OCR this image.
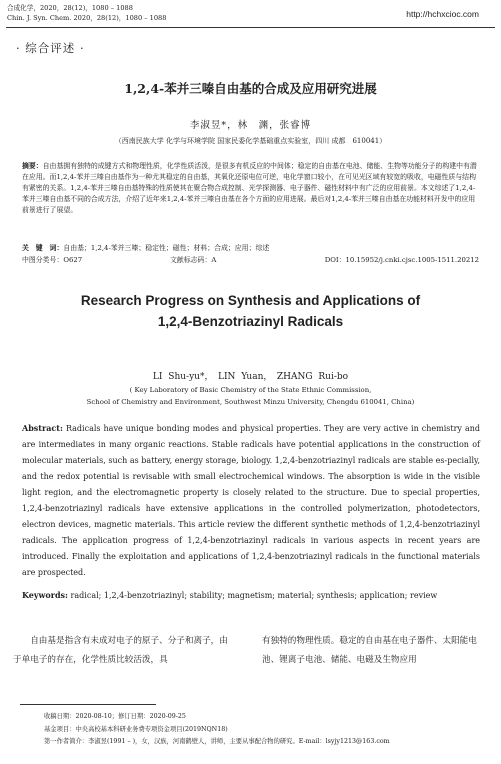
合成化学，2020，28(12)，1080 – 1088
Chin. J. Syn. Chem. 2020，28(12)，1080 – 1088	http://hchxcioc.com
· 综合评述 ·
1,2,4-苯并三嗪自由基的合成及应用研究进展
李淑昱*，林　渊，张睿博
（西南民族大学 化学与环境学院 国家民委化学基础重点实验室，四川 成都　610041）
摘要：自由基拥有独特的成键方式和物理性质，化学性质活泼，是很多有机反应的中间体；稳定的自由基在电池、储能、生物等功能分子的构建中有潜在应用。而1,2,4-苯并三嗪自由基作为一种尤其稳定的自由基，其氧化还原电位可逆，电化学窗口较小，在可见光区域有较宽的吸收，电磁性质与结构有紧密的关系。1,2,4-苯并三嗪自由基特殊的性质使其在聚合物合成控制、光学探测器、电子器件、磁性材料中有广泛的应用前景。本文综述了1,2,4-苯并三嗪自由基不同的合成方法，介绍了近年来1,2,4-苯并三嗪自由基在各个方面的应用进展。最后对1,2,4-苯并三嗪自由基在功能材料开发中的应用前景进行了展望。
关　键　词：自由基；1,2,4-苯并三嗪；稳定性；磁性；材料；合成；应用；综述
中图分类号：O627	文献标志码：A	DOI：10.15952/j.cnki.cjsc.1005-1511.20212
Research Progress on Synthesis and Applications of
1,2,4-Benzotriazinyl Radicals
LI Shu-yu*，　LIN Yuan，　ZHANG Rui-bo
( Key Laboratory of Basic Chemistry of the State Ethnic Commission,
School of Chemistry and Environment, Southwest Minzu University, Chengdu 610041, China)
Abstract: Radicals have unique bonding modes and physical properties. They are very active in chemistry and are intermediates in many organic reactions. Stable radicals have potential applications in the construction of molecular materials, such as battery, energy storage, biology. 1,2,4-benzotriazinyl radicals are stable es-pecially, and the redox potential is revisable with small electrochemical windows. The absorption is wide in the visible light region, and the electromagnetic property is closely related to the structure. Due to special properties, 1,2,4-benzotriazinyl radicals have extensive applications in the controlled polymerization, photodetectors, electron devices, magnetic materials. This article review the different synthetic methods of 1,2,4-benzotriazinyl radicals. The application progress of 1,2,4-benzotriazinyl radicals in various aspects in recent years are introduced. Finally the exploitation and applications of 1,2,4-benzotriazinyl radicals in the functional materials are prospected.
Keywords: radical; 1,2,4-benzotriazinyl; stability; magnetism; material; synthesis; application; review
　　自由基是指含有未成对电子的原子、分子和离子，由于单电子的存在，化学性质比较活泼，具
有独特的物理性质。稳定的自由基在电子器件、太阳能电池、锂离子电池、储能、电磁及生物应用
收稿日期：2020-08-10；修订日期：2020-09-25
基金项目：中央高校基本科研业务费专项资金项目(2019NQN18)
第一作者简介：李淑昱(1991 – )，女，汉族，河南鹤壁人，讲师，主要从事配合物的研究。E-mail：lsyjy1213@163.com
